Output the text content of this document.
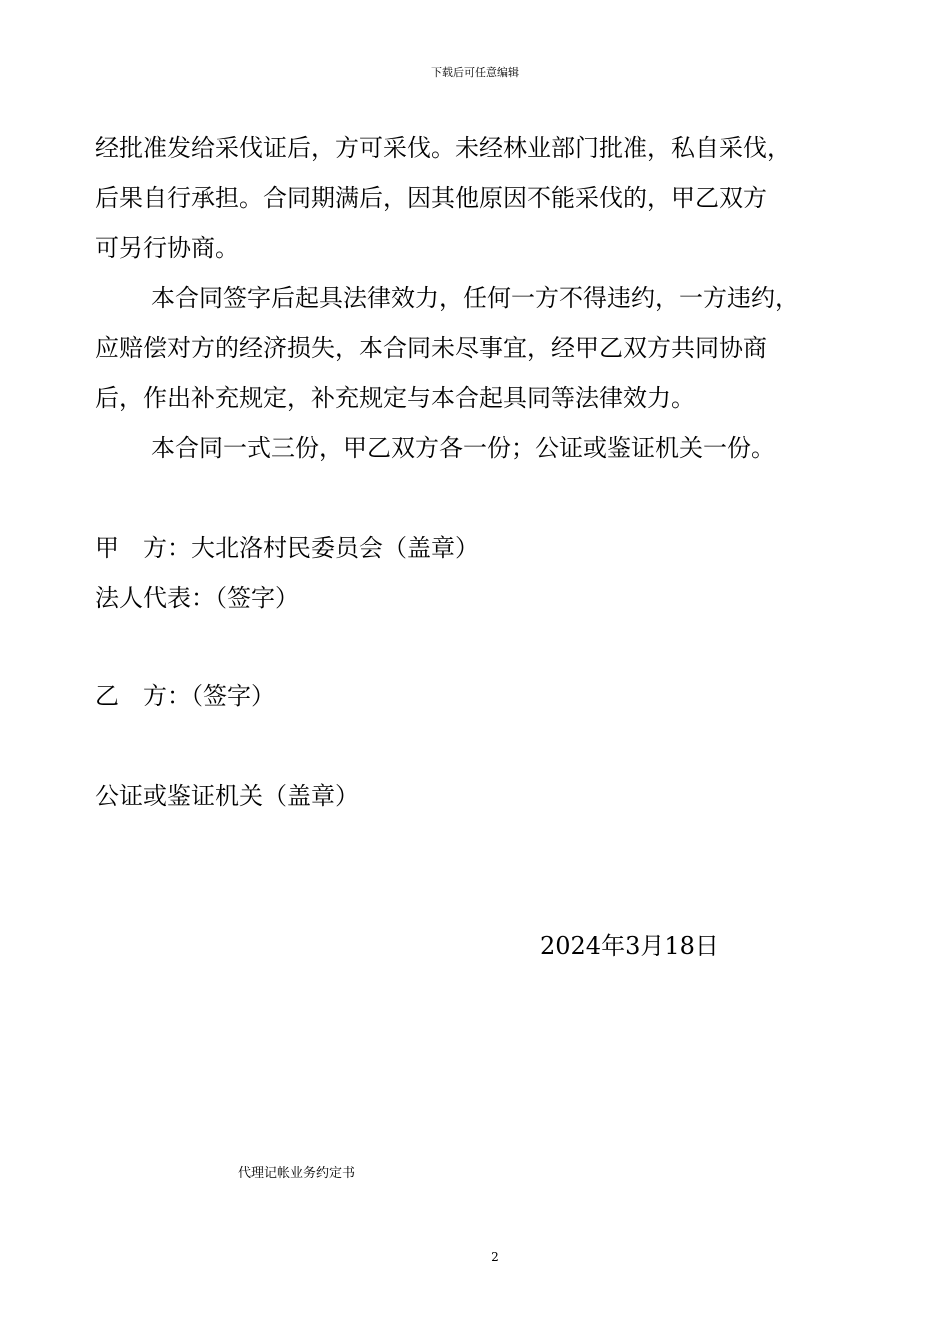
下载后可任意编辑
经批准发给采伐证后，方可采伐。未经林业部门批准，私自采伐，
后果自行承担。合同期满后，因其他原因不能采伐的，甲乙双方
可另行协商。
本合同签字后起具法律效力，任何一方不得违约，一方违约，
应赔偿对方的经济损失，本合同未尽事宜，经甲乙双方共同协商
后，作出补充规定，补充规定与本合起具同等法律效力。
本合同一式三份，甲乙双方各一份；公证或鉴证机关一份。
甲　方：大北洛村民委员会（盖章）
法人代表：（签字）
乙　方：（签字）
公证或鉴证机关（盖章）
2024年3月18日
代理记帐业务约定书
2
